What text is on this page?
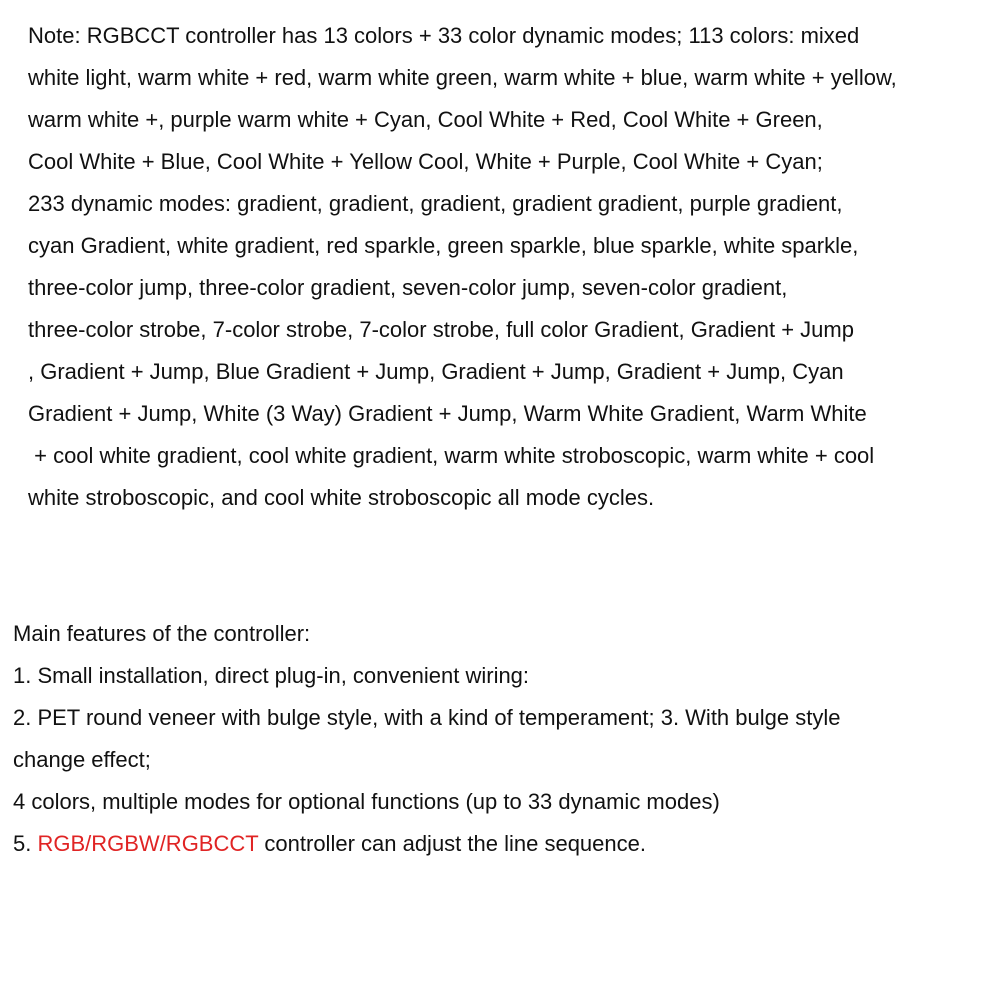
Note: RGBCCT controller has 13 colors + 33 color dynamic modes; 113 colors: mixed
white light, warm white + red, warm white green, warm white + blue, warm white + yellow,
warm white +, purple warm white + Cyan, Cool White + Red, Cool White + Green,
Cool White + Blue, Cool White + Yellow Cool, White + Purple, Cool White + Cyan;
233 dynamic modes: gradient, gradient, gradient, gradient gradient, purple gradient,
cyan Gradient, white gradient, red sparkle, green sparkle, blue sparkle, white sparkle,
three-color jump, three-color gradient, seven-color jump, seven-color gradient,
three-color strobe, 7-color strobe, 7-color strobe, full color Gradient, Gradient + Jump
, Gradient + Jump, Blue Gradient + Jump, Gradient + Jump, Gradient + Jump, Cyan
Gradient + Jump, White (3 Way) Gradient + Jump, Warm White Gradient, Warm White
+ cool white gradient, cool white gradient, warm white stroboscopic, warm white + cool
white stroboscopic, and cool white stroboscopic all mode cycles.
Main features of the controller:
1. Small installation, direct plug-in, convenient wiring:
2. PET round veneer with bulge style, with a kind of temperament; 3. With bulge style
change effect;
4 colors, multiple modes for optional functions (up to 33 dynamic modes)
5. RGB/RGBW/RGBCCT controller can adjust the line sequence.
